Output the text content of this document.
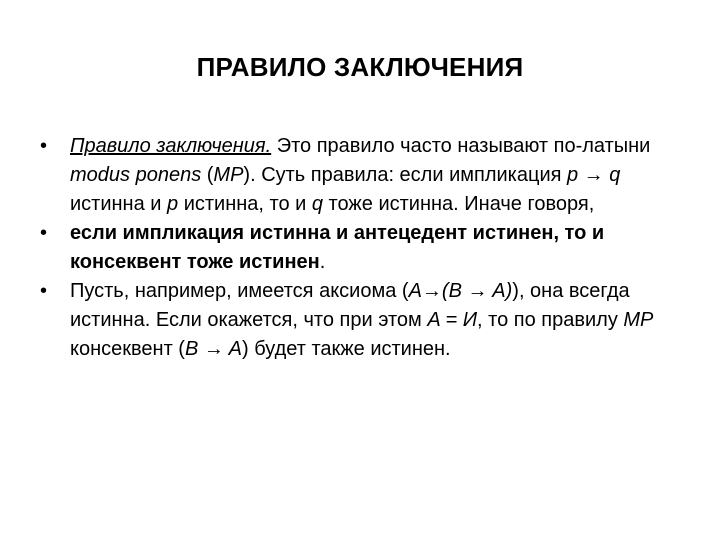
ПРАВИЛО ЗАКЛЮЧЕНИЯ
• Правило заключения. Это правило часто называют по-латыни modus ponens (MP). Суть правила: если импликация p → q истинна и p истинна, то и q тоже истинна. Иначе говоря,
• если импликация истинна и антецедент истинен, то и консеквент тоже истинен.
• Пусть, например, имеется аксиома (A→(B → A)), она всегда истинна. Если окажется, что при этом A = И, то по правилу MP консеквент (B → A) будет также истинен.
